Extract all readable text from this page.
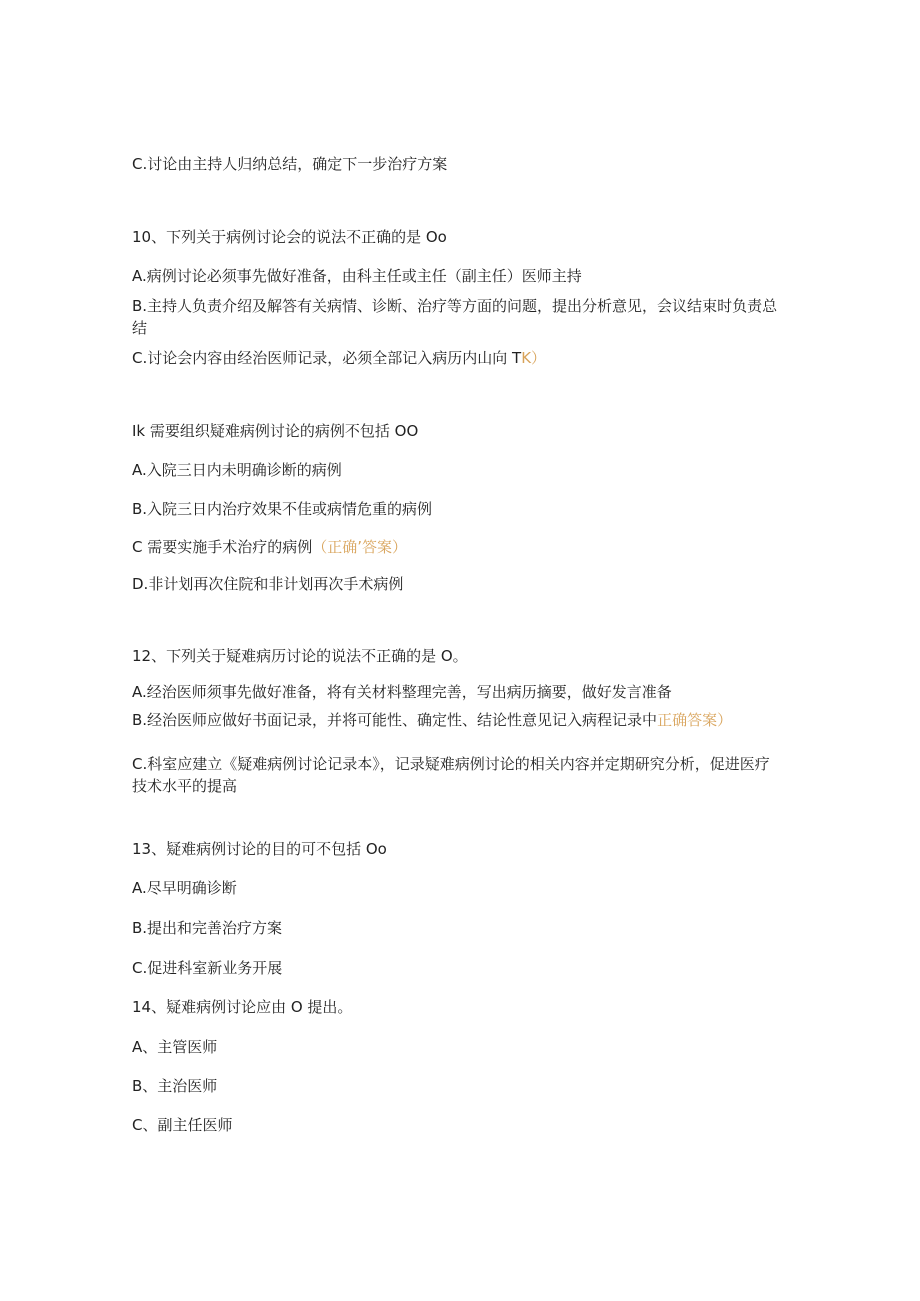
C.讨论由主持人归纳总结，确定下一步治疗方案
10、下列关于病例讨论会的说法不正确的是 Oo
A.病例讨论必须事先做好准备，由科主任或主任（副主任）医师主持
B.主持人负责介绍及解答有关病情、诊断、治疗等方面的问题，提出分析意见，会议结束时负责总结
C.讨论会内容由经治医师记录，必须全部记入病历内山向 TK）
Ik 需要组织疑难病例讨论的病例不包括 OO
A.入院三日内未明确诊断的病例
B.入院三日内治疗效果不佳或病情危重的病例
C 需要实施手术治疗的病例（正确’答案）
D.非计划再次住院和非计划再次手术病例
12、下列关于疑难病历讨论的说法不正确的是 O。
A.经治医师须事先做好准备，将有关材料整理完善，写出病历摘要，做好发言准备
B.经治医师应做好书面记录，并将可能性、确定性、结论性意见记入病程记录中正确答案）
C.科室应建立《疑难病例讨论记录本》，记录疑难病例讨论的相关内容并定期研究分析，促进医疗技术水平的提高
13、疑难病例讨论的目的可不包括 Oo
A.尽早明确诊断
B.提出和完善治疗方案
C.促进科室新业务开展
14、疑难病例讨论应由 O 提出。
A、主管医师
B、主治医师
C、副主任医师
